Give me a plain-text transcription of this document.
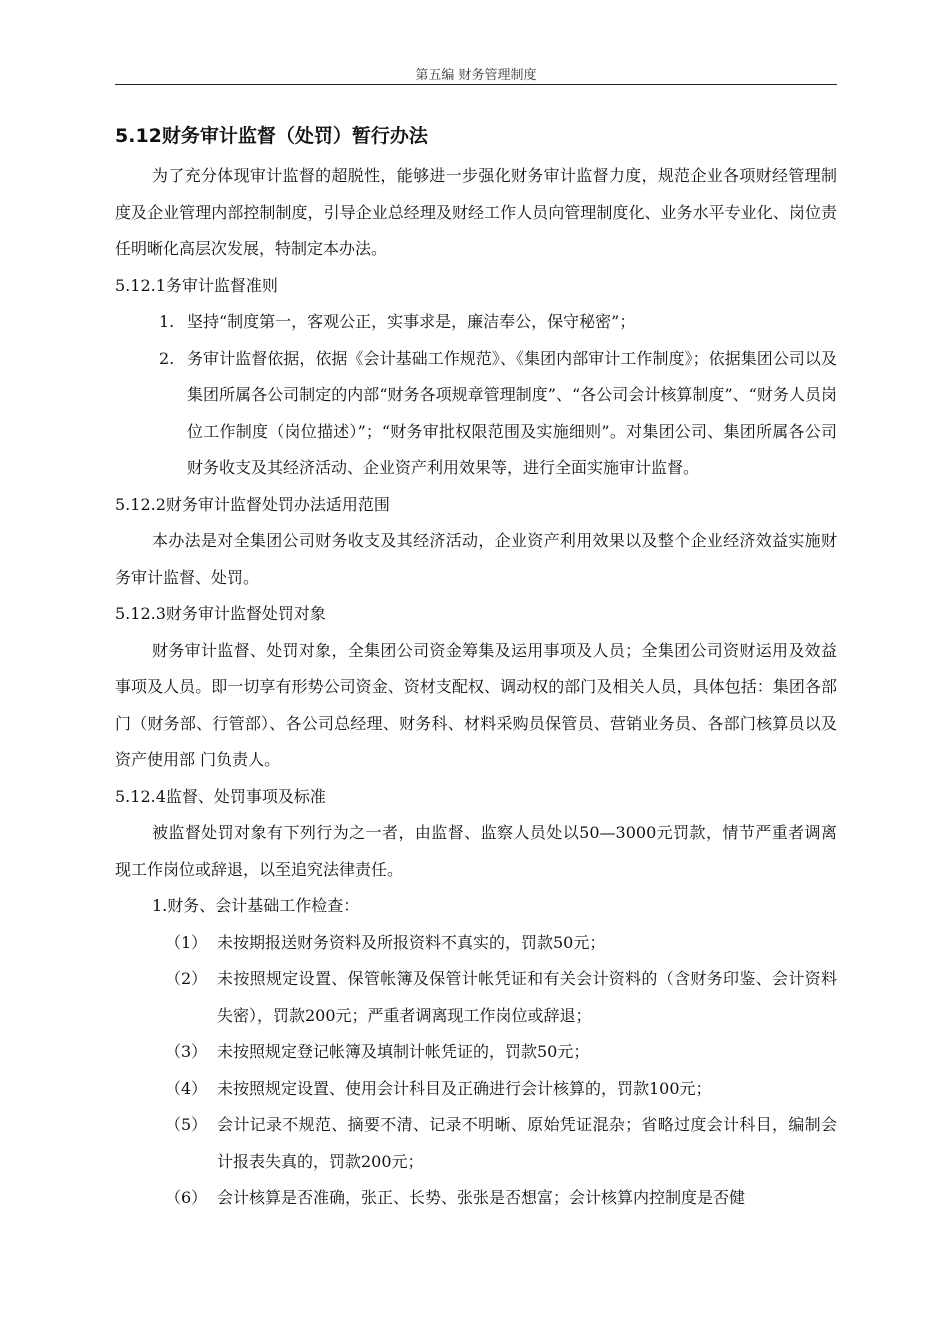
第五编 财务管理制度

5.12财务审计监督（处罚）暂行办法

为了充分体现审计监督的超脱性，能够进一步强化财务审计监督力度，规范企业各项财经管理制度及企业管理内部控制制度，引导企业总经理及财经工作人员向管理制度化、业务水平专业化、岗位责任明晰化高层次发展，特制定本办法。

5.12.1务审计监督准则

1. 坚持“制度第一，客观公正，实事求是，廉洁奉公，保守秘密”；
2. 务审计监督依据，依据《会计基础工作规范》、《集团内部审计工作制度》；依据集团公司以及集团所属各公司制定的内部“财务各项规章管理制度”、“各公司会计核算制度”、“财务人员岗位工作制度（岗位描述）”；“财务审批权限范围及实施细则”。对集团公司、集团所属各公司财务收支及其经济活动、企业资产利用效果等，进行全面实施审计监督。

5.12.2财务审计监督处罚办法适用范围

本办法是对全集团公司财务收支及其经济活动，企业资产利用效果以及整个企业经济效益实施财务审计监督、处罚。

5.12.3财务审计监督处罚对象

财务审计监督、处罚对象，全集团公司资金筹集及运用事项及人员；全集团公司资财运用及效益事项及人员。即一切享有形势公司资金、资材支配权、调动权的部门及相关人员，具体包括：集团各部门（财务部、行管部）、各公司总经理、财务科、材料采购员保管员、营销业务员、各部门核算员以及资产使用部 门负责人。

5.12.4监督、处罚事项及标准

被监督处罚对象有下列行为之一者，由监督、监察人员处以50—3000元罚款，情节严重者调离现工作岗位或辞退，以至追究法律责任。

1.财务、会计基础工作检查：

（1） 未按期报送财务资料及所报资料不真实的，罚款50元；
（2） 未按照规定设置、保管帐簿及保管计帐凭证和有关会计资料的（含财务印鉴、会计资料失密），罚款200元；严重者调离现工作岗位或辞退；
（3） 未按照规定登记帐簿及填制计帐凭证的，罚款50元；
（4） 未按照规定设置、使用会计科目及正确进行会计核算的，罚款100元；
（5） 会计记录不规范、摘要不清、记录不明晰、原始凭证混杂；省略过度会计科目，编制会计报表失真的，罚款200元；
（6） 会计核算是否准确，张正、长势、张张是否想富；会计核算内控制度是否健
